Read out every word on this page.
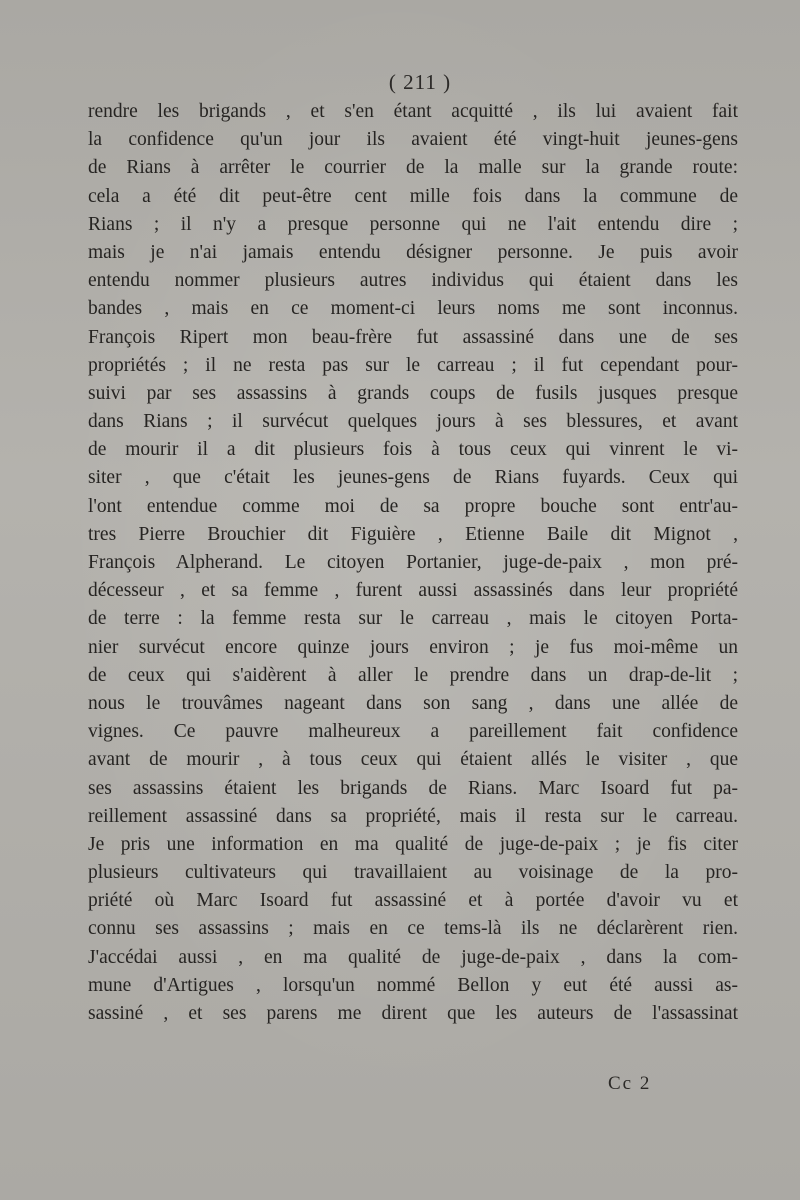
( 211 )
rendre les brigands , et s'en étant acquitté , ils lui avaient fait
la confidence qu'un jour ils avaient été vingt-huit jeunes-gens
de Rians à arrêter le courrier de la malle sur la grande route:
cela a été dit peut-être cent mille fois dans la commune de
Rians ; il n'y a presque personne qui ne l'ait entendu dire ;
mais je n'ai jamais entendu désigner personne. Je puis avoir
entendu nommer plusieurs autres individus qui étaient dans les
bandes , mais en ce moment-ci leurs noms me sont inconnus.
François Ripert mon beau-frère fut assassiné dans une de ses
propriétés ; il ne resta pas sur le carreau ; il fut cependant pour-
suivi par ses assassins à grands coups de fusils jusques presque
dans Rians ; il survécut quelques jours à ses blessures, et avant
de mourir il a dit plusieurs fois à tous ceux qui vinrent le vi-
siter , que c'était les jeunes-gens de Rians fuyards. Ceux qui
l'ont entendue comme moi de sa propre bouche sont entr'au-
tres Pierre Brouchier dit Figuière , Etienne Baile dit Mignot ,
François Alpherand. Le citoyen Portanier, juge-de-paix , mon pré-
décesseur , et sa femme , furent aussi assassinés dans leur propriété
de terre : la femme resta sur le carreau , mais le citoyen Porta-
nier survécut encore quinze jours environ ; je fus moi-même un
de ceux qui s'aidèrent à aller le prendre dans un drap-de-lit ;
nous le trouvâmes nageant dans son sang , dans une allée de
vignes. Ce pauvre malheureux a pareillement fait confidence
avant de mourir , à tous ceux qui étaient allés le visiter , que
ses assassins étaient les brigands de Rians. Marc Isoard fut pa-
reillement assassiné dans sa propriété, mais il resta sur le carreau.
Je pris une information en ma qualité de juge-de-paix ; je fis citer
plusieurs cultivateurs qui travaillaient au voisinage de la pro-
priété où Marc Isoard fut assassiné et à portée d'avoir vu et
connu ses assassins ; mais en ce tems-là ils ne déclarèrent rien.
J'accédai aussi , en ma qualité de juge-de-paix , dans la com-
mune d'Artigues , lorsqu'un nommé Bellon y eut été aussi as-
sassiné , et ses parens me dirent que les auteurs de l'assassinat
Cc 2
